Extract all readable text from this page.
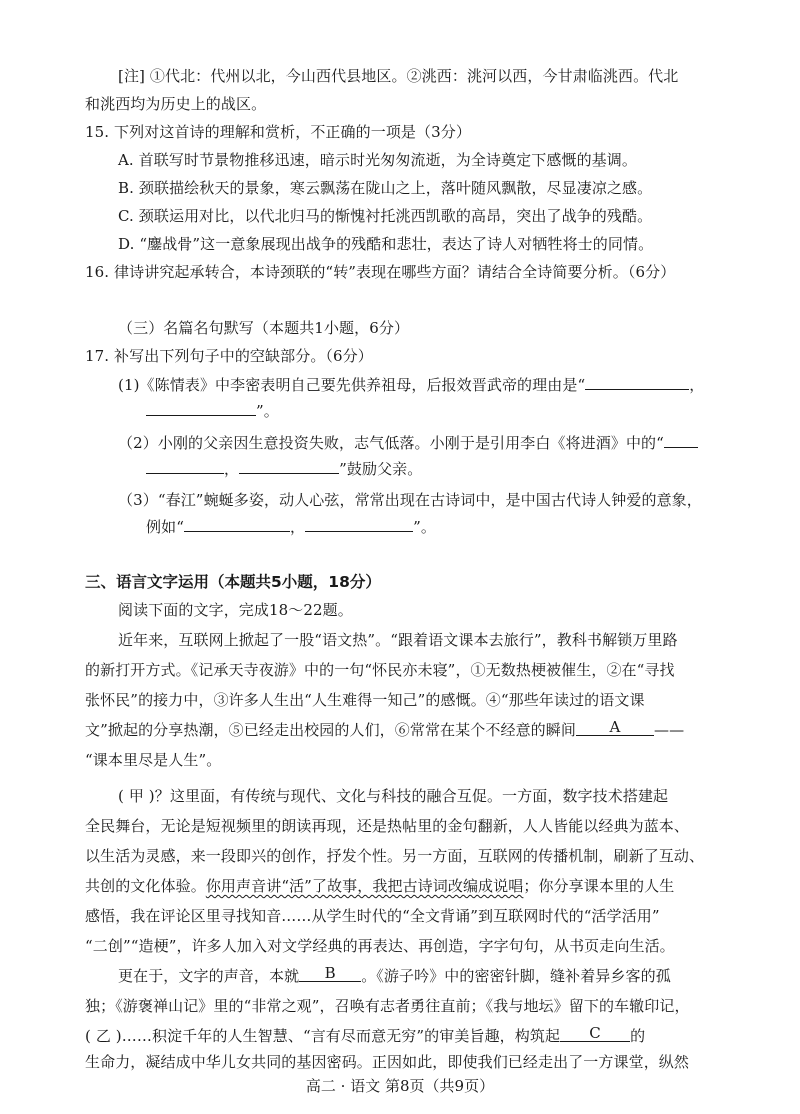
[注] ①代北：代州以北，今山西代县地区。②洮西：洮河以西，今甘肃临洮西。代北
和洮西均为历史上的战区。
15. 下列对这首诗的理解和赏析，不正确的一项是（3分）
A. 首联写时节景物推移迅速，暗示时光匆匆流逝，为全诗奠定下感慨的基调。
B. 颈联描绘秋天的景象，寒云飘荡在陇山之上，落叶随风飘散，尽显凄凉之感。
C. 颈联运用对比，以代北归马的惭愧衬托洮西凯歌的高昂，突出了战争的残酷。
D. “鏖战骨”这一意象展现出战争的残酷和悲壮，表达了诗人对牺牲将士的同情。
16. 律诗讲究起承转合，本诗颈联的“转”表现在哪些方面？请结合全诗简要分析。（6分）
（三）名篇名句默写（本题共1小题，6分）
17. 补写出下列句子中的空缺部分。（6分）
(1)《陈情表》中李密表明自己要先供养祖母，后报效晋武帝的理由是“	，
”。
（2）小刚的父亲因生意投资失败，志气低落。小刚于是引用李白《将进酒》中的“
，	”鼓励父亲。
（3）“春江”蜿蜒多姿，动人心弦，常常出现在古诗词中，是中国古代诗人钟爱的意象，
例如“	，	”。
三、语言文字运用（本题共5小题，18分）
阅读下面的文字，完成18～22题。
近年来，互联网上掀起了一股“语文热”。“跟着语文课本去旅行”，教科书解锁万里路
的新打开方式。《记承天寺夜游》中的一句“怀民亦未寝”，①无数热梗被催生，②在“寻找
张怀民”的接力中，③许多人生出“人生难得一知己”的感慨。④“那些年读过的语文课
文”掀起的分享热潮，⑤已经走出校园的人们，⑥常常在某个不经意的瞬间 A ——
“课本里尽是人生”。
( 甲 )？这里面，有传统与现代、文化与科技的融合互促。一方面，数字技术搭建起
全民舞台，无论是短视频里的朗读再现，还是热帖里的金句翻新，人人皆能以经典为蓝本、
以生活为灵感，来一段即兴的创作，抒发个性。另一方面，互联网的传播机制，刷新了互动、
共创的文化体验。你用声音讲“活”了故事，我把古诗词改编成说唱；你分享课本里的人生
感悟，我在评论区里寻找知音……从学生时代的“全文背诵”到互联网时代的“活学活用”
“二创”“造梗”，许多人加入对文学经典的再表达、再创造，字字句句，从书页走向生活。
更在于，文字的声音，本就 B 。《游子吟》中的密密针脚，缝补着异乡客的孤
独；《游褒禅山记》里的“非常之观”，召唤有志者勇往直前；《我与地坛》留下的车辙印记，
( 乙 )……积淀千年的人生智慧、“言有尽而意无穷”的审美旨趣，构筑起 C 的
生命力，凝结成中华儿女共同的基因密码。正因如此，即使我们已经走出了一方课堂，纵然
高二 · 语文 第8页（共9页）
